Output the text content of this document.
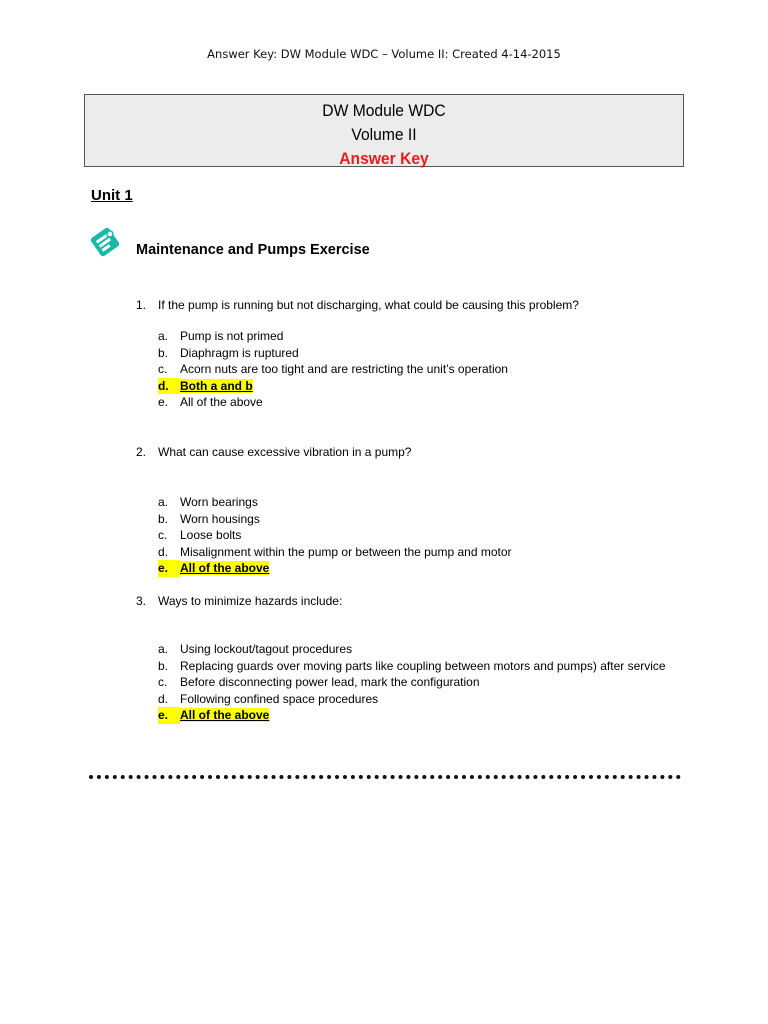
Answer Key: DW Module WDC – Volume II: Created 4-14-2015
DW Module WDC
Volume II
Answer Key
Unit 1
Maintenance and Pumps Exercise
1. If the pump is running but not discharging, what could be causing this problem?
a. Pump is not primed
b. Diaphragm is ruptured
c. Acorn nuts are too tight and are restricting the unit’s operation
d. Both a and b
e. All of the above
2. What can cause excessive vibration in a pump?
a. Worn bearings
b. Worn housings
c. Loose bolts
d. Misalignment within the pump or between the pump and motor
e. All of the above
3. Ways to minimize hazards include:
a. Using lockout/tagout procedures
b. Replacing guards over moving parts like coupling between motors and pumps) after service
c. Before disconnecting power lead, mark the configuration
d. Following confined space procedures
e. All of the above
